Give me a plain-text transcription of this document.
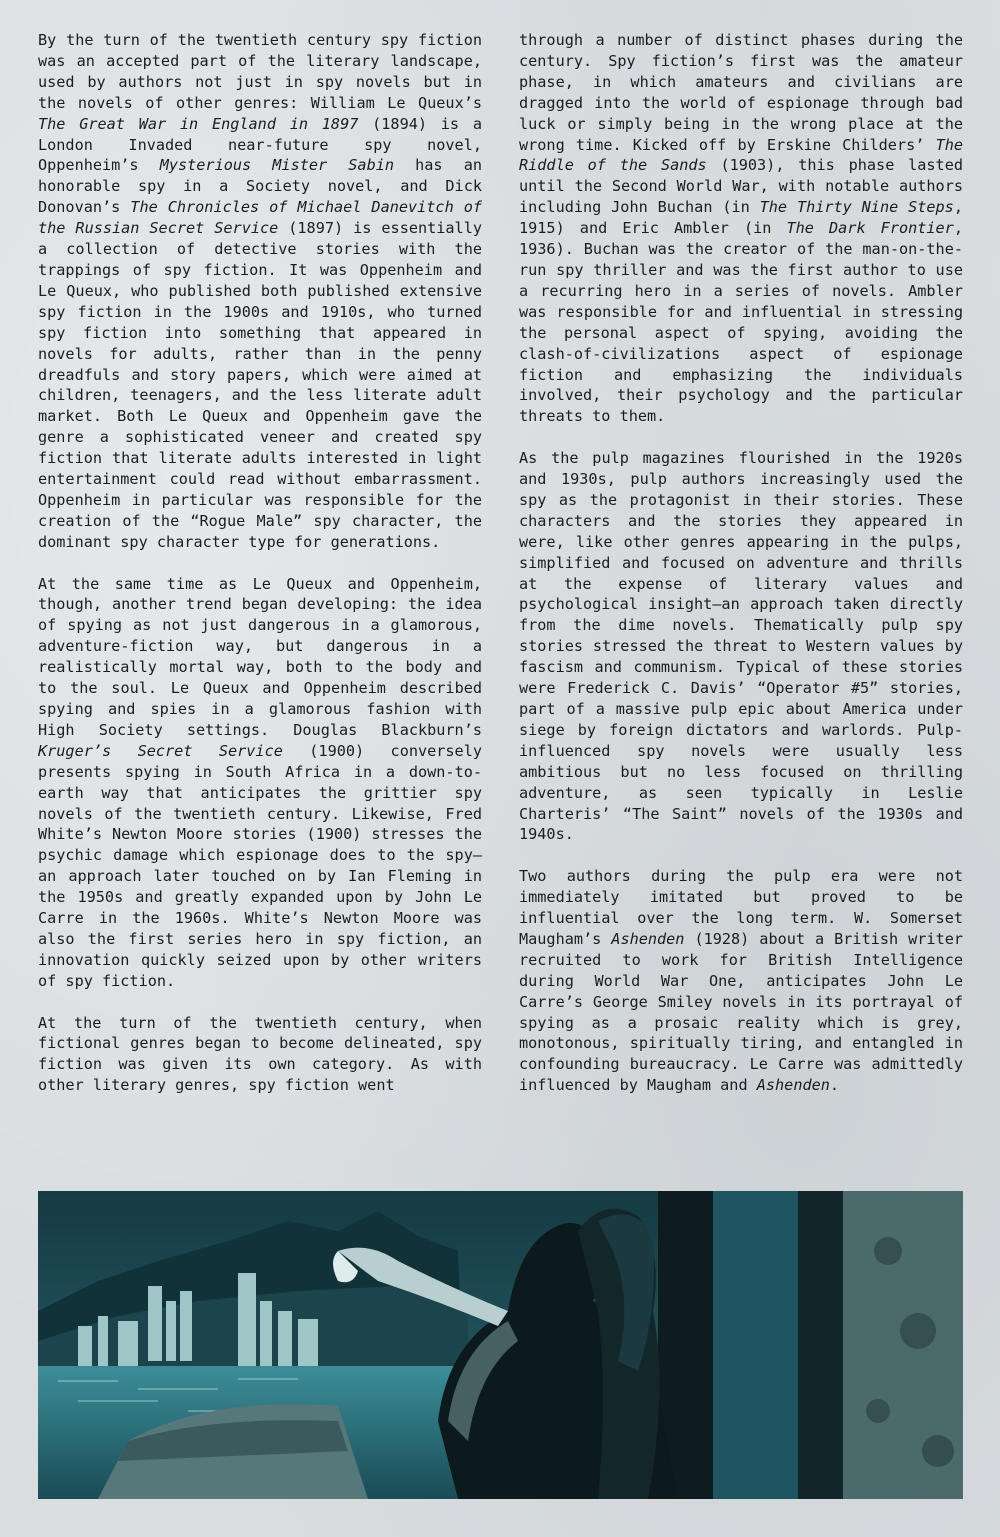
By the turn of the twentieth century spy fiction was an accepted part of the literary landscape, used by authors not just in spy novels but in the novels of other genres: William Le Queux’s The Great War in England in 1897 (1894) is a London Invaded near-future spy novel, Oppenheim’s Mysterious Mister Sabin has an honorable spy in a Society novel, and Dick Donovan’s The Chronicles of Michael Danevitch of the Russian Secret Service (1897) is essentially a collection of detective stories with the trappings of spy fiction. It was Oppenheim and Le Queux, who published both published extensive spy fiction in the 1900s and 1910s, who turned spy fiction into something that appeared in novels for adults, rather than in the penny dreadfuls and story papers, which were aimed at children, teenagers, and the less literate adult market. Both Le Queux and Oppenheim gave the genre a sophisticated veneer and created spy fiction that literate adults interested in light entertainment could read without embarrassment. Oppenheim in particular was responsible for the creation of the “Rogue Male” spy character, the dominant spy character type for generations.

At the same time as Le Queux and Oppenheim, though, another trend began developing: the idea of spying as not just dangerous in a glamorous, adventure-fiction way, but dangerous in a realistically mortal way, both to the body and to the soul. Le Queux and Oppenheim described spying and spies in a glamorous fashion with High Society settings. Douglas Blackburn’s Kruger’s Secret Service (1900) conversely presents spying in South Africa in a down-to-earth way that anticipates the grittier spy novels of the twentieth century. Likewise, Fred White’s Newton Moore stories (1900) stresses the psychic damage which espionage does to the spy—an approach later touched on by Ian Fleming in the 1950s and greatly expanded upon by John Le Carre in the 1960s. White’s Newton Moore was also the first series hero in spy fiction, an innovation quickly seized upon by other writers of spy fiction.

At the turn of the twentieth century, when fictional genres began to become delineated, spy fiction was given its own category. As with other literary genres, spy fiction went

through a number of distinct phases during the century. Spy fiction’s first was the amateur phase, in which amateurs and civilians are dragged into the world of espionage through bad luck or simply being in the wrong place at the wrong time. Kicked off by Erskine Childers’ The Riddle of the Sands (1903), this phase lasted until the Second World War, with notable authors including John Buchan (in The Thirty Nine Steps, 1915) and Eric Ambler (in The Dark Frontier, 1936). Buchan was the creator of the man-on-the-run spy thriller and was the first author to use a recurring hero in a series of novels. Ambler was responsible for and influential in stressing the personal aspect of spying, avoiding the clash-of-civilizations aspect of espionage fiction and emphasizing the individuals involved, their psychology and the particular threats to them.

As the pulp magazines flourished in the 1920s and 1930s, pulp authors increasingly used the spy as the protagonist in their stories. These characters and the stories they appeared in were, like other genres appearing in the pulps, simplified and focused on adventure and thrills at the expense of literary values and psychological insight—an approach taken directly from the dime novels. Thematically pulp spy stories stressed the threat to Western values by fascism and communism. Typical of these stories were Frederick C. Davis’ “Operator #5” stories, part of a massive pulp epic about America under siege by foreign dictators and warlords. Pulp-influenced spy novels were usually less ambitious but no less focused on thrilling adventure, as seen typically in Leslie Charteris’ “The Saint” novels of the 1930s and 1940s.

Two authors during the pulp era were not immediately imitated but proved to be influential over the long term. W. Somerset Maugham’s Ashenden (1928) about a British writer recruited to work for British Intelligence during World War One, anticipates John Le Carre’s George Smiley novels in its portrayal of spying as a prosaic reality which is grey, monotonous, spiritually tiring, and entangled in confounding bureaucracy. Le Carre was admittedly influenced by Maugham and Ashenden.
